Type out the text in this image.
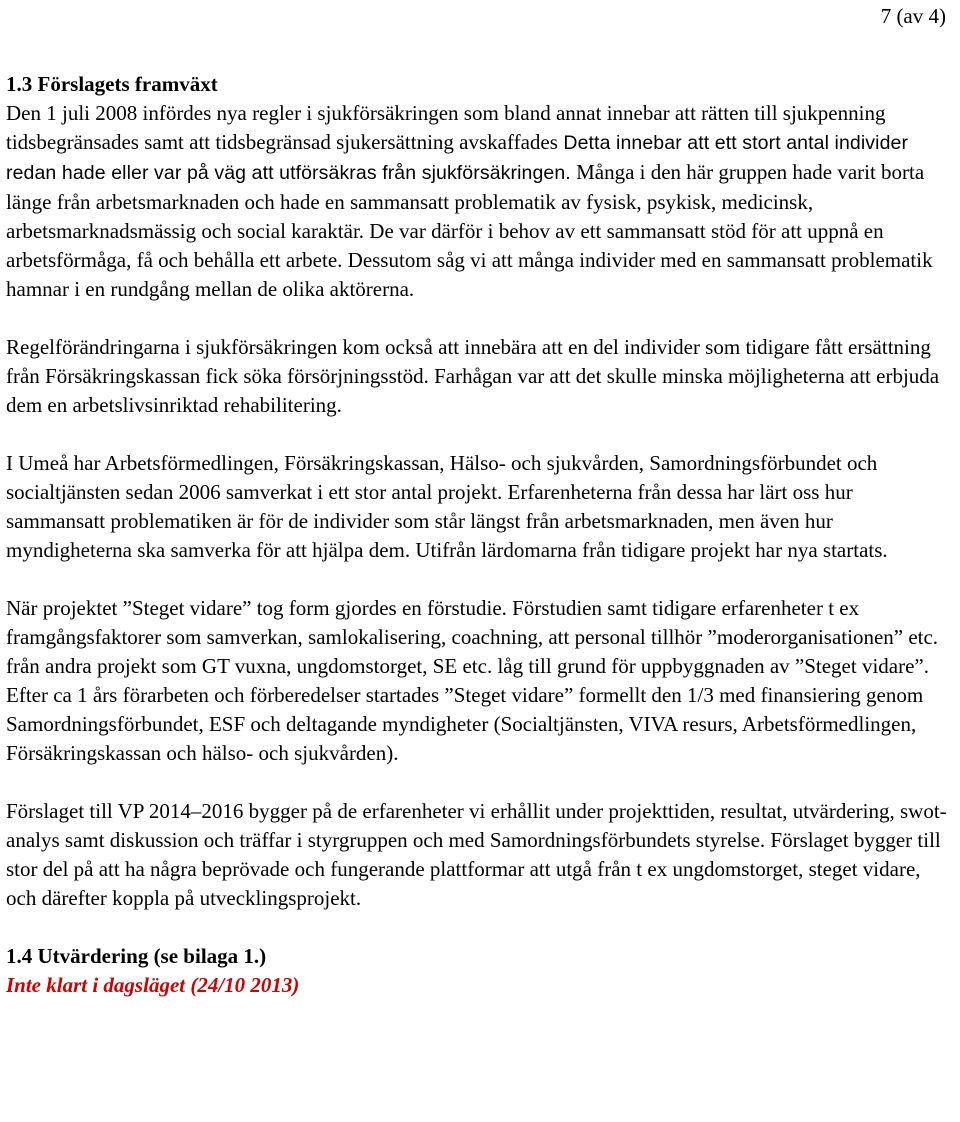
7 (av 4)
1.3 Förslagets framväxt

Den 1 juli 2008 infördes nya regler i sjukförsäkringen som bland annat innebar att rätten till sjukpenning tidsbegränsades samt att tidsbegränsad sjukersättning avskaffades Detta innebar att ett stort antal individer redan hade eller var på väg att utförsäkras från sjukförsäkringen. Många i den här gruppen hade varit borta länge från arbetsmarknaden och hade en sammansatt problematik av fysisk, psykisk, medicinsk, arbetsmarknadsmässig och social karaktär. De var därför i behov av ett sammansatt stöd för att uppnå en arbetsförmåga, få och behålla ett arbete. Dessutom såg vi att många individer med en sammansatt problematik hamnar i en rundgång mellan de olika aktörerna.

Regelförändringarna i sjukförsäkringen kom också att innebära att en del individer som tidigare fått ersättning från Försäkringskassan fick söka försörjningsstöd. Farhågan var att det skulle minska möjligheterna att erbjuda dem en arbetslivsinriktad rehabilitering.

I Umeå har Arbetsförmedlingen, Försäkringskassan, Hälso- och sjukvården, Samordningsförbundet och socialtjänsten sedan 2006 samverkat i ett stor antal projekt. Erfarenheterna från dessa har lärt oss hur sammansatt problematiken är för de individer som står längst från arbetsmarknaden, men även hur myndigheterna ska samverka för att hjälpa dem. Utifrån lärdomarna från tidigare projekt har nya startats.

När projektet ”Steget vidare” tog form gjordes en förstudie. Förstudien samt tidigare erfarenheter t ex framgångsfaktorer som samverkan, samlokalisering, coachning, att personal tillhör ”moderorganisationen” etc. från andra projekt som GT vuxna, ungdomstorget, SE etc. låg till grund för uppbyggnaden av ”Steget vidare”. Efter ca 1 års förarbeten och förberedelser startades ”Steget vidare” formellt den 1/3 med finansiering genom Samordningsförbundet, ESF och deltagande myndigheter (Socialtjänsten, VIVA resurs, Arbetsförmedlingen, Försäkringskassan och hälso- och sjukvården).

Förslaget till VP 2014–2016 bygger på de erfarenheter vi erhållit under projekttiden, resultat, utvärdering, swot-analys samt diskussion och träffar i styrgruppen och med Samordningsförbundets styrelse. Förslaget bygger till stor del på att ha några beprövade och fungerande plattformar att utgå från t ex ungdomstorget, steget vidare, och därefter koppla på utvecklingsprojekt.

1.4 Utvärdering (se bilaga 1.)

Inte klart i dagsläget (24/10 2013)
